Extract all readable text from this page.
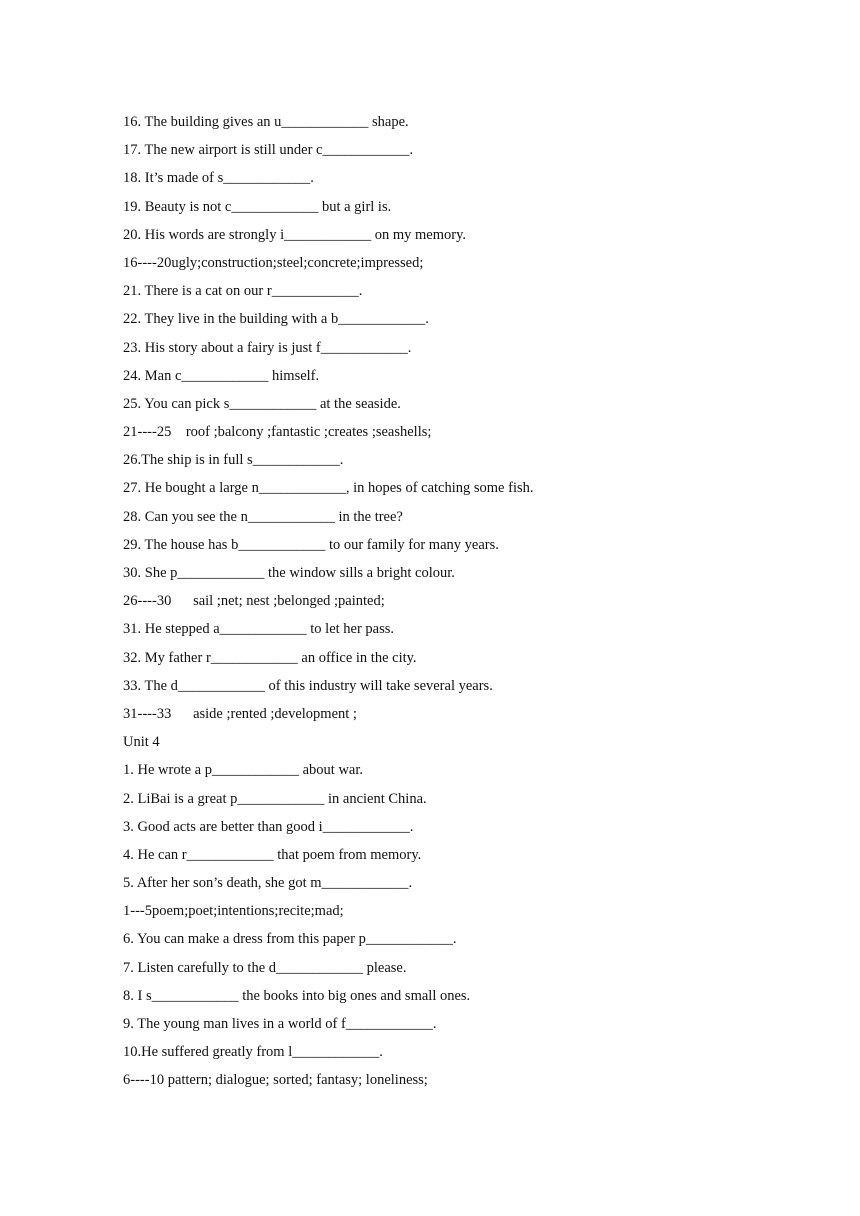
16. The building gives an u____________ shape.
17. The new airport is still under c____________.
18. It’s made of s____________.
19. Beauty is not c____________ but a girl is.
20. His words are strongly i____________ on my memory.
16----20ugly;construction;steel;concrete;impressed;
21. There is a cat on our r____________.
22. They live in the building with a b____________.
23. His story about a fairy is just f____________.
24. Man c____________ himself.
25. You can pick s____________ at the seaside.
21----25    roof ;balcony ;fantastic ;creates ;seashells;
26.The ship is in full s____________.
27. He bought a large n____________, in hopes of catching some fish.
28. Can you see the n____________ in the tree?
29. The house has b____________ to our family for many years.
30. She p____________ the window sills a bright colour.
26----30      sail ;net; nest ;belonged ;painted;
31. He stepped a____________ to let her pass.
32. My father r____________ an office in the city.
33. The d____________ of this industry will take several years.
31----33      aside ;rented ;development ;
Unit 4
1. He wrote a p____________ about war.
2. LiBai is a great p____________ in ancient China.
3. Good acts are better than good i____________.
4. He can r____________ that poem from memory.
5. After her son’s death, she got m____________.
1---5poem;poet;intentions;recite;mad;
6. You can make a dress from this paper p____________.
7. Listen carefully to the d____________ please.
8. I s____________ the books into big ones and small ones.
9. The young man lives in a world of f____________.
10.He suffered greatly from l____________.
6----10 pattern; dialogue; sorted; fantasy; loneliness;
